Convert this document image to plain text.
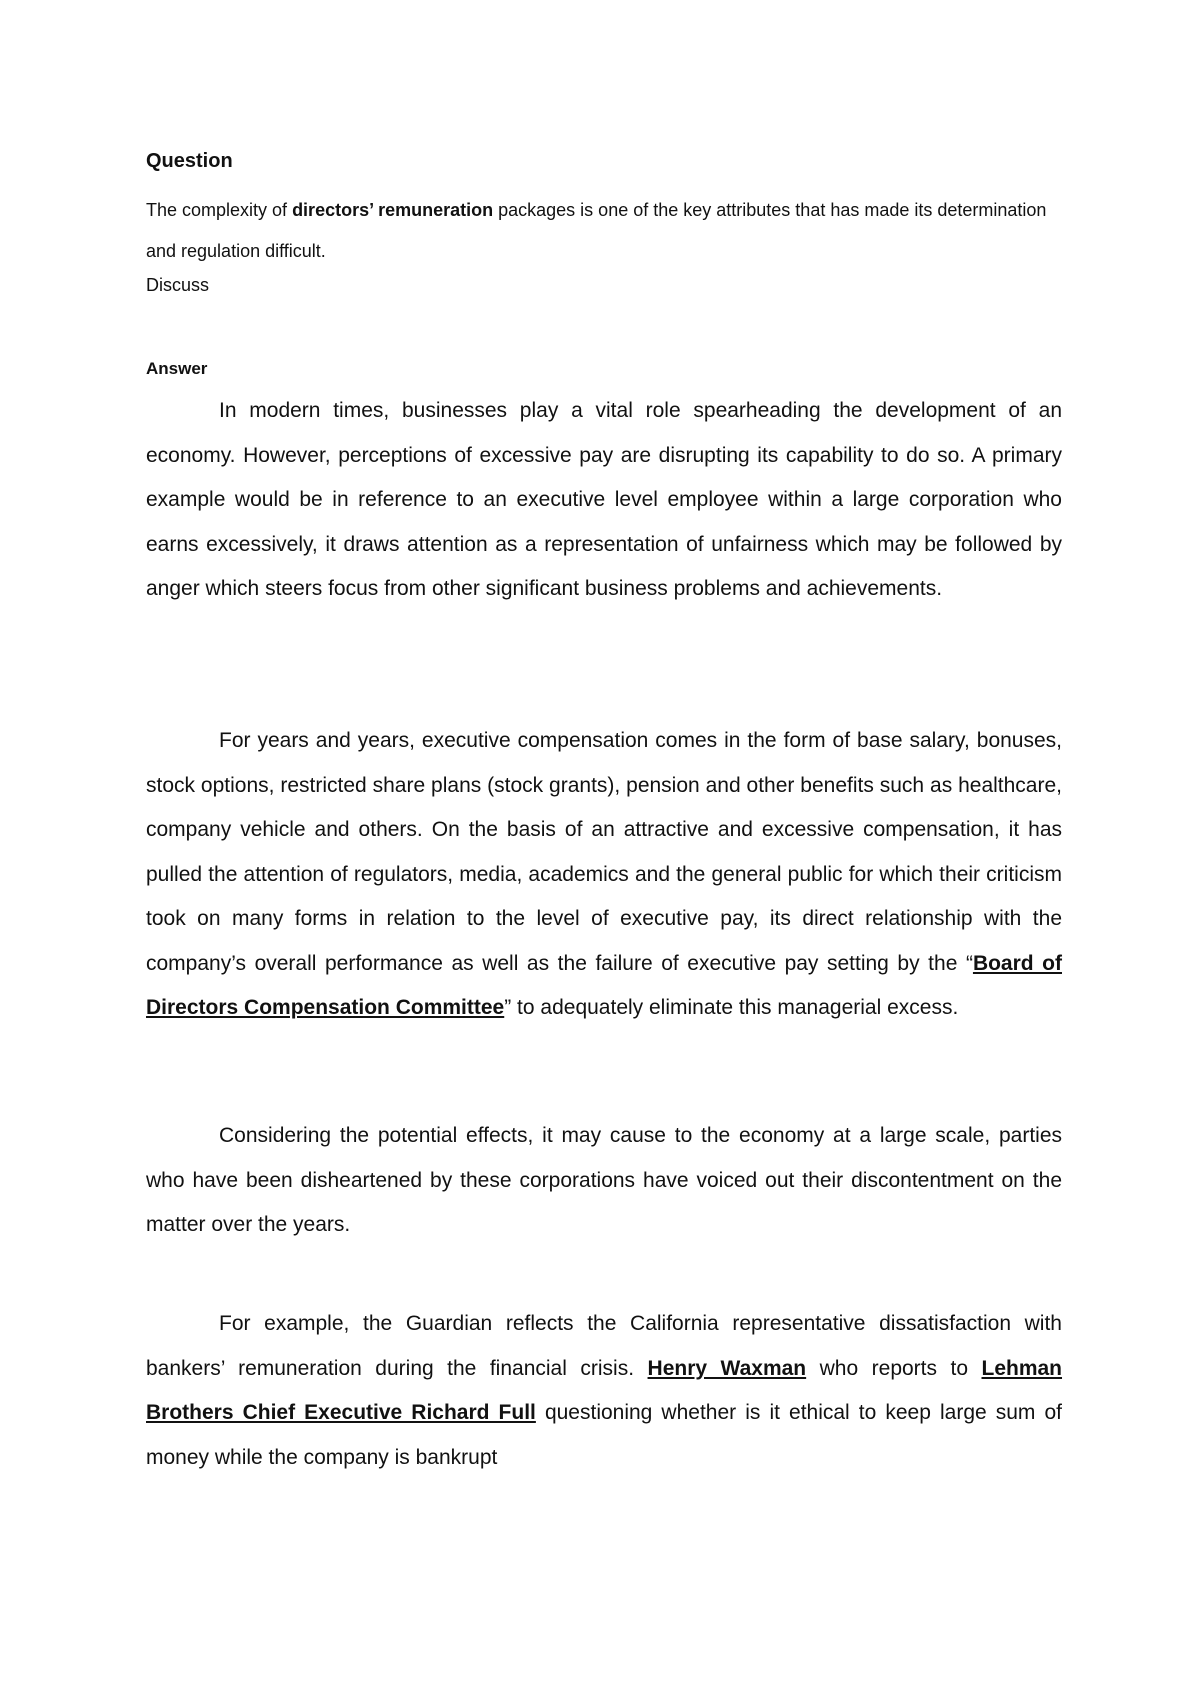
Question
The complexity of directors’ remuneration packages is one of the key attributes that has made its determination and regulation difficult.
Discuss
Answer
In modern times, businesses play a vital role spearheading the development of an economy. However, perceptions of excessive pay are disrupting its capability to do so. A primary example would be in reference to an executive level employee within a large corporation who earns excessively, it draws attention as a representation of unfairness which may be followed by anger which steers focus from other significant business problems and achievements.
For years and years, executive compensation comes in the form of base salary, bonuses, stock options, restricted share plans (stock grants), pension and other benefits such as healthcare, company vehicle and others. On the basis of an attractive and excessive compensation, it has pulled the attention of regulators, media, academics and the general public for which their criticism took on many forms in relation to the level of executive pay, its direct relationship with the company’s overall performance as well as the failure of executive pay setting by the “Board of Directors Compensation Committee” to adequately eliminate this managerial excess.
Considering the potential effects, it may cause to the economy at a large scale, parties who have been disheartened by these corporations have voiced out their discontentment on the matter over the years.
For example, the Guardian reflects the California representative dissatisfaction with bankers’ remuneration during the financial crisis. Henry Waxman who reports to Lehman Brothers Chief Executive Richard Full questioning whether is it ethical to keep large sum of money while the company is bankrupt
